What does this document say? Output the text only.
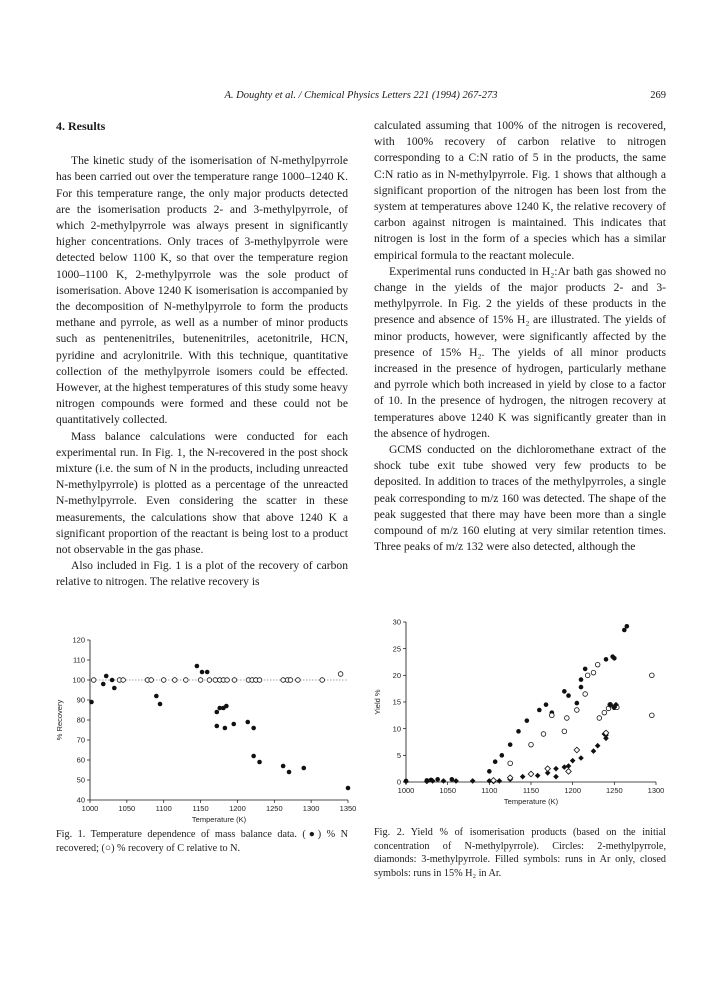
A. Doughty et al. / Chemical Physics Letters 221 (1994) 267-273	269
4. Results

The kinetic study of the isomerisation of N-methylpyrrole has been carried out over the temperature range 1000–1240 K. For this temperature range, the only major products detected are the isomerisation products 2- and 3-methylpyrrole, of which 2-methylpyrrole was always present in significantly higher concentrations. Only traces of 3-methylpyrrole were detected below 1100 K, so that over the temperature region 1000–1100 K, 2-methylpyrrole was the sole product of isomerisation. Above 1240 K isomerisation is accompanied by the decomposition of N-methylpyrrole to form the products methane and pyrrole, as well as a number of minor products such as pentenenitriles, butenenitriles, acetonitrile, HCN, pyridine and acrylonitrile. With this technique, quantitative collection of the methylpyrrole isomers could be effected. However, at the highest temperatures of this study some heavy nitrogen compounds were formed and these could not be quantitatively collected.

Mass balance calculations were conducted for each experimental run. In Fig. 1, the N-recovered in the post shock mixture (i.e. the sum of N in the products, including unreacted N-methylpyrrole) is plotted as a percentage of the unreacted N-methylpyrrole. Even considering the scatter in these measurements, the calculations show that above 1240 K a significant proportion of the reactant is being lost to a product not observable in the gas phase.

Also included in Fig. 1 is a plot of the recovery of carbon relative to nitrogen. The relative recovery is

calculated assuming that 100% of the nitrogen is recovered, with 100% recovery of carbon relative to nitrogen corresponding to a C:N ratio of 5 in the products, the same C:N ratio as in N-methylpyrrole. Fig. 1 shows that although a significant proportion of the nitrogen has been lost from the system at temperatures above 1240 K, the relative recovery of carbon against nitrogen is maintained. This indicates that nitrogen is lost in the form of a species which has a similar empirical formula to the reactant molecule.

Experimental runs conducted in H₂:Ar bath gas showed no change in the yields of the major products 2- and 3-methylpyrrole. In Fig. 2 the yields of these products in the presence and absence of 15% H₂ are illustrated. The yields of minor products, however, were significantly affected by the presence of 15% H₂. The yields of all minor products increased in the presence of hydrogen, particularly methane and pyrrole which both increased in yield by close to a factor of 10. In the presence of hydrogen, the nitrogen recovery at temperatures above 1240 K was significantly greater than in the absence of hydrogen.

GCMS conducted on the dichloromethane extract of the shock tube exit tube showed very few products to be deposited. In addition to traces of the methylpyrroles, a single peak corresponding to m/z 160 was detected. The shape of the peak suggested that there may have been more than a single compound of m/z 160 eluting at very similar retention times. Three peaks of m/z 132 were also detected, although the

1000	1050	1100	1150	1200	1250	1300	1350
40
50
60
70
80
90
100
110
120
Temperature (K)
% Recovery
Fig. 1. Temperature dependence of mass balance data. (●) % N recovered; (○) % recovery of C relative to N.
1000	1050	1100	1150	1200	1250	1300
0
5
10
15
20
25
30
Temperature (K)
Yield %
Fig. 2. Yield % of isomerisation products (based on the initial concentration of N-methylpyrrole). Circles: 2-methylpyrrole, diamonds: 3-methylpyrrole. Filled symbols: runs in Ar only, closed symbols: runs in 15% H₂ in Ar.
